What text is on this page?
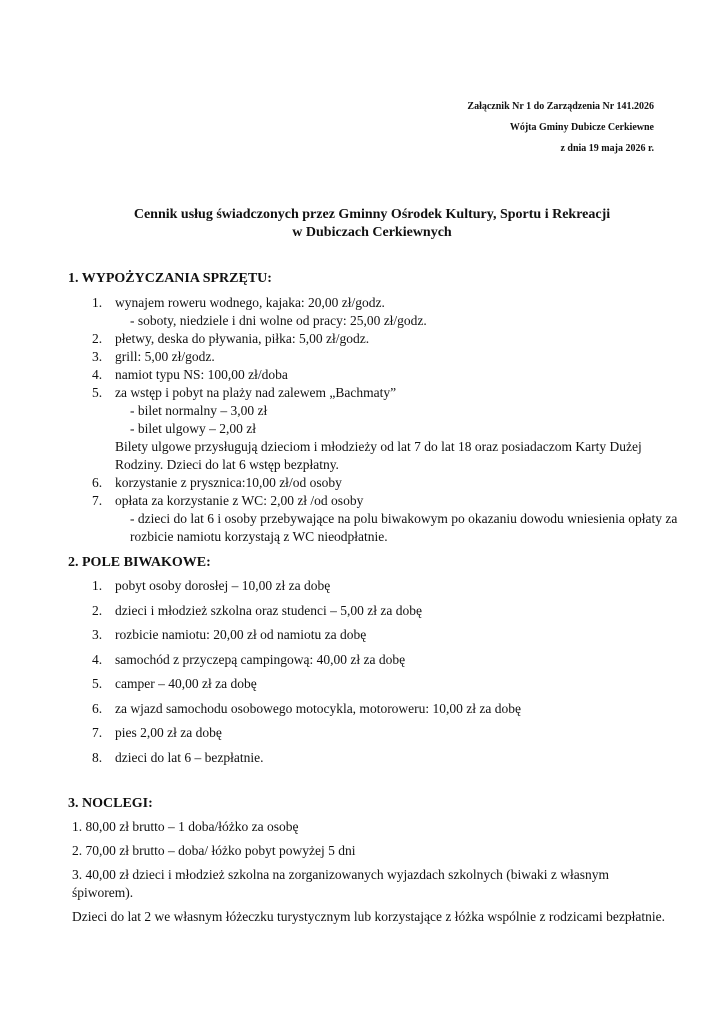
Załącznik Nr 1 do Zarządzenia Nr 141.2026
Wójta Gminy Dubicze Cerkiewne
z dnia 19 maja 2026 r.
Cennik usług świadczonych przez Gminny Ośrodek Kultury, Sportu i Rekreacji
w Dubiczach Cerkiewnych
1. WYPOŻYCZANIA SPRZĘTU:
1. wynajem roweru wodnego, kajaka: 20,00 zł/godz.
- soboty, niedziele i dni wolne od pracy: 25,00 zł/godz.
2. płetwy, deska do pływania, piłka: 5,00 zł/godz.
3. grill: 5,00 zł/godz.
4. namiot typu NS: 100,00 zł/doba
5. za wstęp i pobyt na plaży nad zalewem „Bachmaty”
- bilet normalny – 3,00 zł
- bilet ulgowy – 2,00 zł
Bilety ulgowe przysługują dzieciom i młodzieży od lat 7 do lat 18 oraz posiadaczom Karty Dużej Rodziny. Dzieci do lat 6 wstęp bezpłatny.
6. korzystanie z prysznica:10,00 zł/od osoby
7. opłata za korzystanie z WC: 2,00 zł /od osoby
- dzieci do lat 6 i osoby przebywające na polu biwakowym po okazaniu dowodu wniesienia opłaty za rozbicie namiotu korzystają z WC nieodpłatnie.
2. POLE BIWAKOWE:
1. pobyt osoby dorosłej – 10,00 zł za dobę
2. dzieci i młodzież szkolna oraz studenci – 5,00 zł za dobę
3. rozbicie namiotu: 20,00 zł od namiotu za dobę
4. samochód z przyczepą campingową: 40,00 zł za dobę
5. camper – 40,00 zł za dobę
6. za wjazd samochodu osobowego motocykla, motoroweru: 10,00 zł za dobę
7. pies 2,00 zł za dobę
8. dzieci do lat 6 – bezpłatnie.
3. NOCLEGI:

1. 80,00 zł brutto – 1 doba/łóżko za osobę

2. 70,00 zł brutto – doba/ łóżko pobyt powyżej 5 dni

3. 40,00 zł dzieci i młodzież szkolna na zorganizowanych wyjazdach szkolnych (biwaki z własnym śpiworem).

Dzieci do lat 2 we własnym łóżeczku turystycznym lub korzystające z łóżka wspólnie z rodzicami bezpłatnie.
